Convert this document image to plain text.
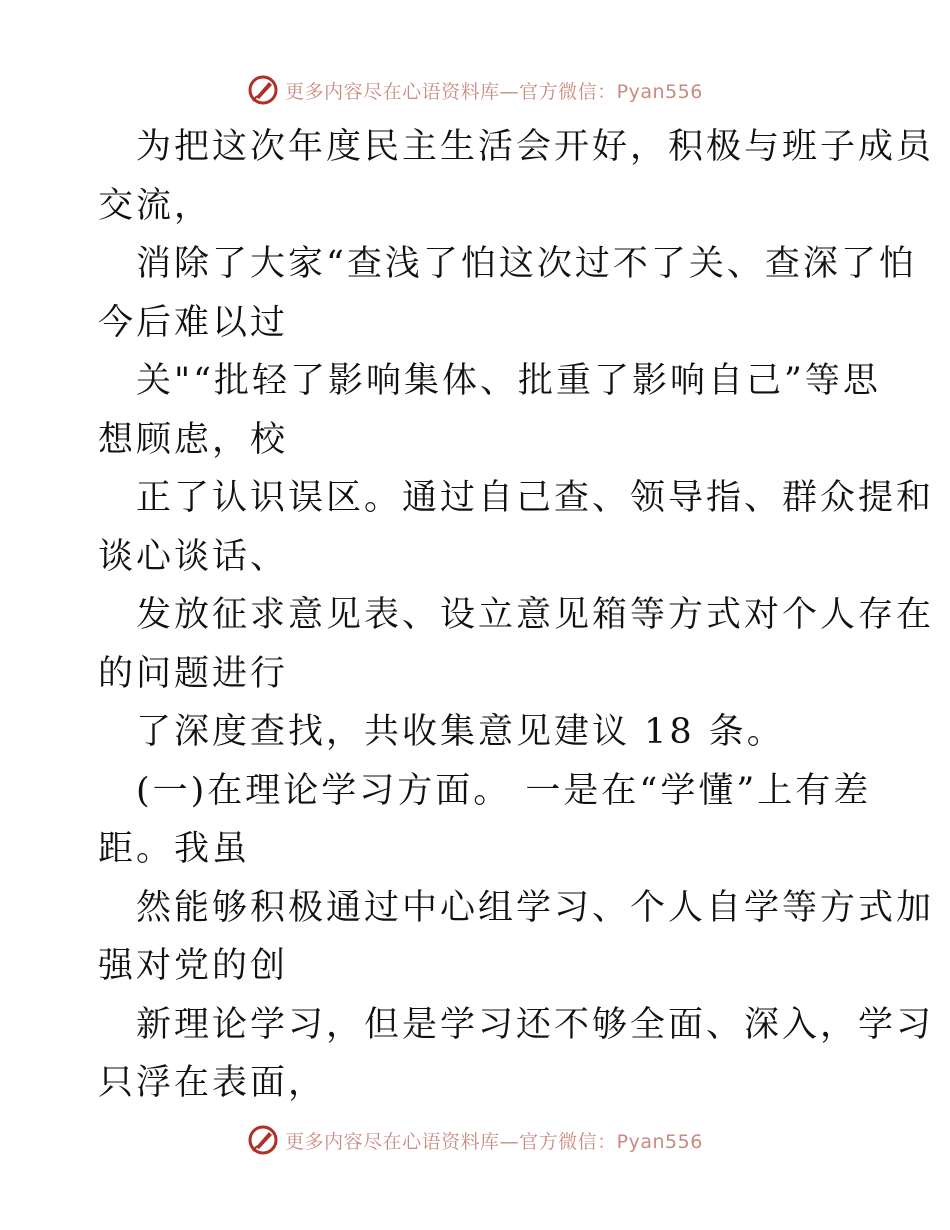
更多内容尽在心语资料库—官方微信：Pyan556
为把这次年度民主生活会开好，积极与班子成员
交流，
消除了大家“查浅了怕这次过不了关、查深了怕
今后难以过
关"“批轻了影响集体、批重了影响自己”等思
想顾虑，校
正了认识误区。通过自己查、领导指、群众提和
谈心谈话、
发放征求意见表、设立意见箱等方式对个人存在
的问题进行
了深度查找，共收集意见建议 18 条。
(一)在理论学习方面。 一是在“学懂”上有差
距。我虽
然能够积极通过中心组学习、个人自学等方式加
强对党的创
新理论学习，但是学习还不够全面、深入，学习
只浮在表面，
更多内容尽在心语资料库—官方微信：Pyan556
